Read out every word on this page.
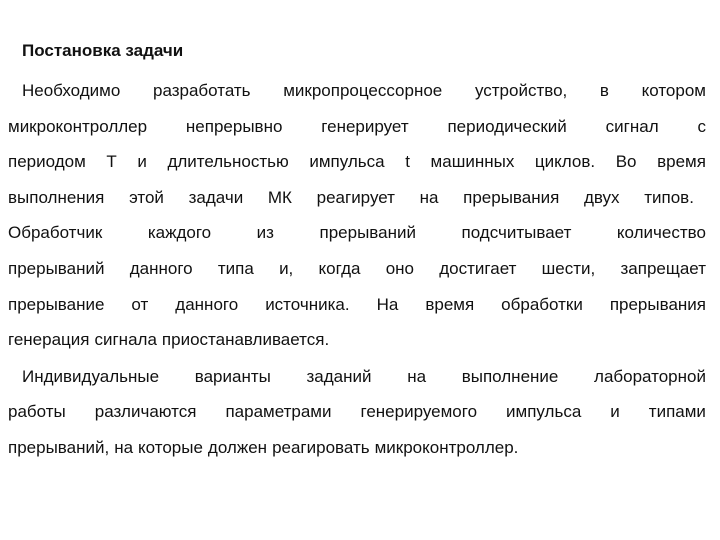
Постановка задачи
Необходимо разработать микропроцессорное устройство, в котором
микроконтроллер непрерывно генерирует периодический сигнал с
периодом Т и длительностью импульса t машинных циклов. Во время
выполнения этой задачи МК реагирует на прерывания двух типов.
Обработчик	каждого	из	прерываний	подсчитывает	количество
прерываний данного типа и, когда оно достигает шести, запрещает
прерывание от данного источника. На время обработки прерывания
генерация сигнала приостанавливается.
Индивидуальные варианты заданий на выполнение лабораторной
работы различаются параметрами генерируемого импульса и типами
прерываний, на которые должен реагировать микроконтроллер.
